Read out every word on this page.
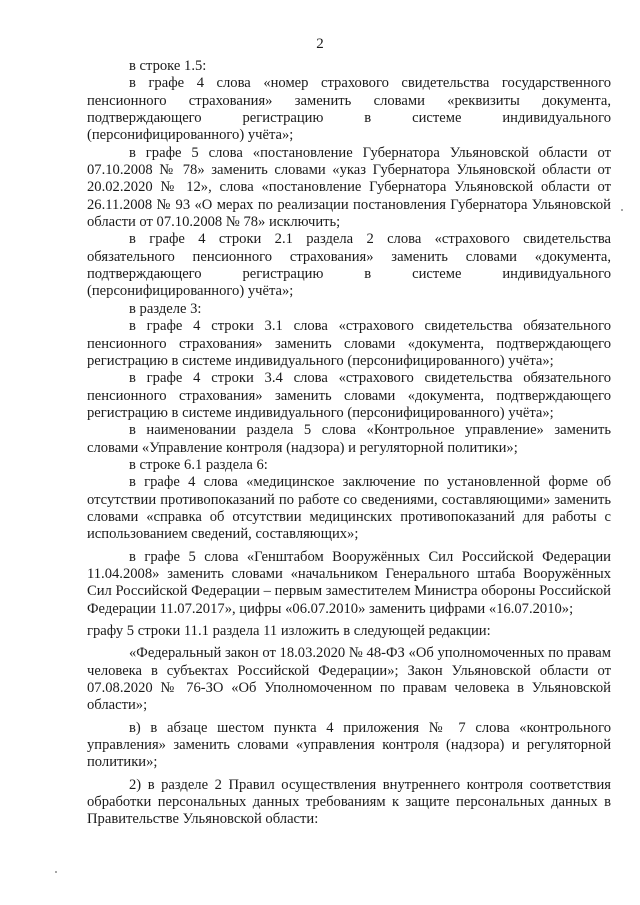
2

в строке 1.5:

в графе 4 слова «номер страхового свидетельства государственного пенсионного страхования» заменить словами «реквизиты документа, подтверждающего регистрацию в системе индивидуального (персонифицированного) учёта»;

в графе 5 слова «постановление Губернатора Ульяновской области от 07.10.2008 № 78» заменить словами «указ Губернатора Ульяновской области от 20.02.2020 № 12», слова «постановление Губернатора Ульяновской области от 26.11.2008 № 93 «О мерах по реализации постановления Губернатора Ульяновской области от 07.10.2008 № 78» исключить;

в графе 4 строки 2.1 раздела 2 слова «страхового свидетельства обязательного пенсионного страхования» заменить словами «документа, подтверждающего регистрацию в системе индивидуального (персонифицированного) учёта»;

в разделе 3:

в графе 4 строки 3.1 слова «страхового свидетельства обязательного пенсионного страхования» заменить словами «документа, подтверждающего регистрацию в системе индивидуального (персонифицированного) учёта»;

в графе 4 строки 3.4 слова «страхового свидетельства обязательного пенсионного страхования» заменить словами «документа, подтверждающего регистрацию в системе индивидуального (персонифицированного) учёта»;

в наименовании раздела 5 слова «Контрольное управление» заменить словами «Управление контроля (надзора) и регуляторной политики»;

в строке 6.1 раздела 6:

в графе 4 слова «медицинское заключение по установленной форме об отсутствии противопоказаний по работе со сведениями, составляющими» заменить словами «справка об отсутствии медицинских противопоказаний для работы с использованием сведений, составляющих»;

в графе 5 слова «Генштабом Вооружённых Сил Российской Федерации 11.04.2008» заменить словами «начальником Генерального штаба Вооружённых Сил Российской Федерации – первым заместителем Министра обороны Российской Федерации 11.07.2017», цифры «06.07.2010» заменить цифрами «16.07.2010»;

графу 5 строки 11.1 раздела 11 изложить в следующей редакции:

«Федеральный закон от 18.03.2020 № 48-ФЗ «Об уполномоченных по правам человека в субъектах Российской Федерации»; Закон Ульяновской области от 07.08.2020 № 76-ЗО «Об Уполномоченном по правам человека в Ульяновской области»;

в) в абзаце шестом пункта 4 приложения № 7 слова «контрольного управления» заменить словами «управления контроля (надзора) и регуляторной политики»;

2) в разделе 2 Правил осуществления внутреннего контроля соответствия обработки персональных данных требованиям к защите персональных данных в Правительстве Ульяновской области:
